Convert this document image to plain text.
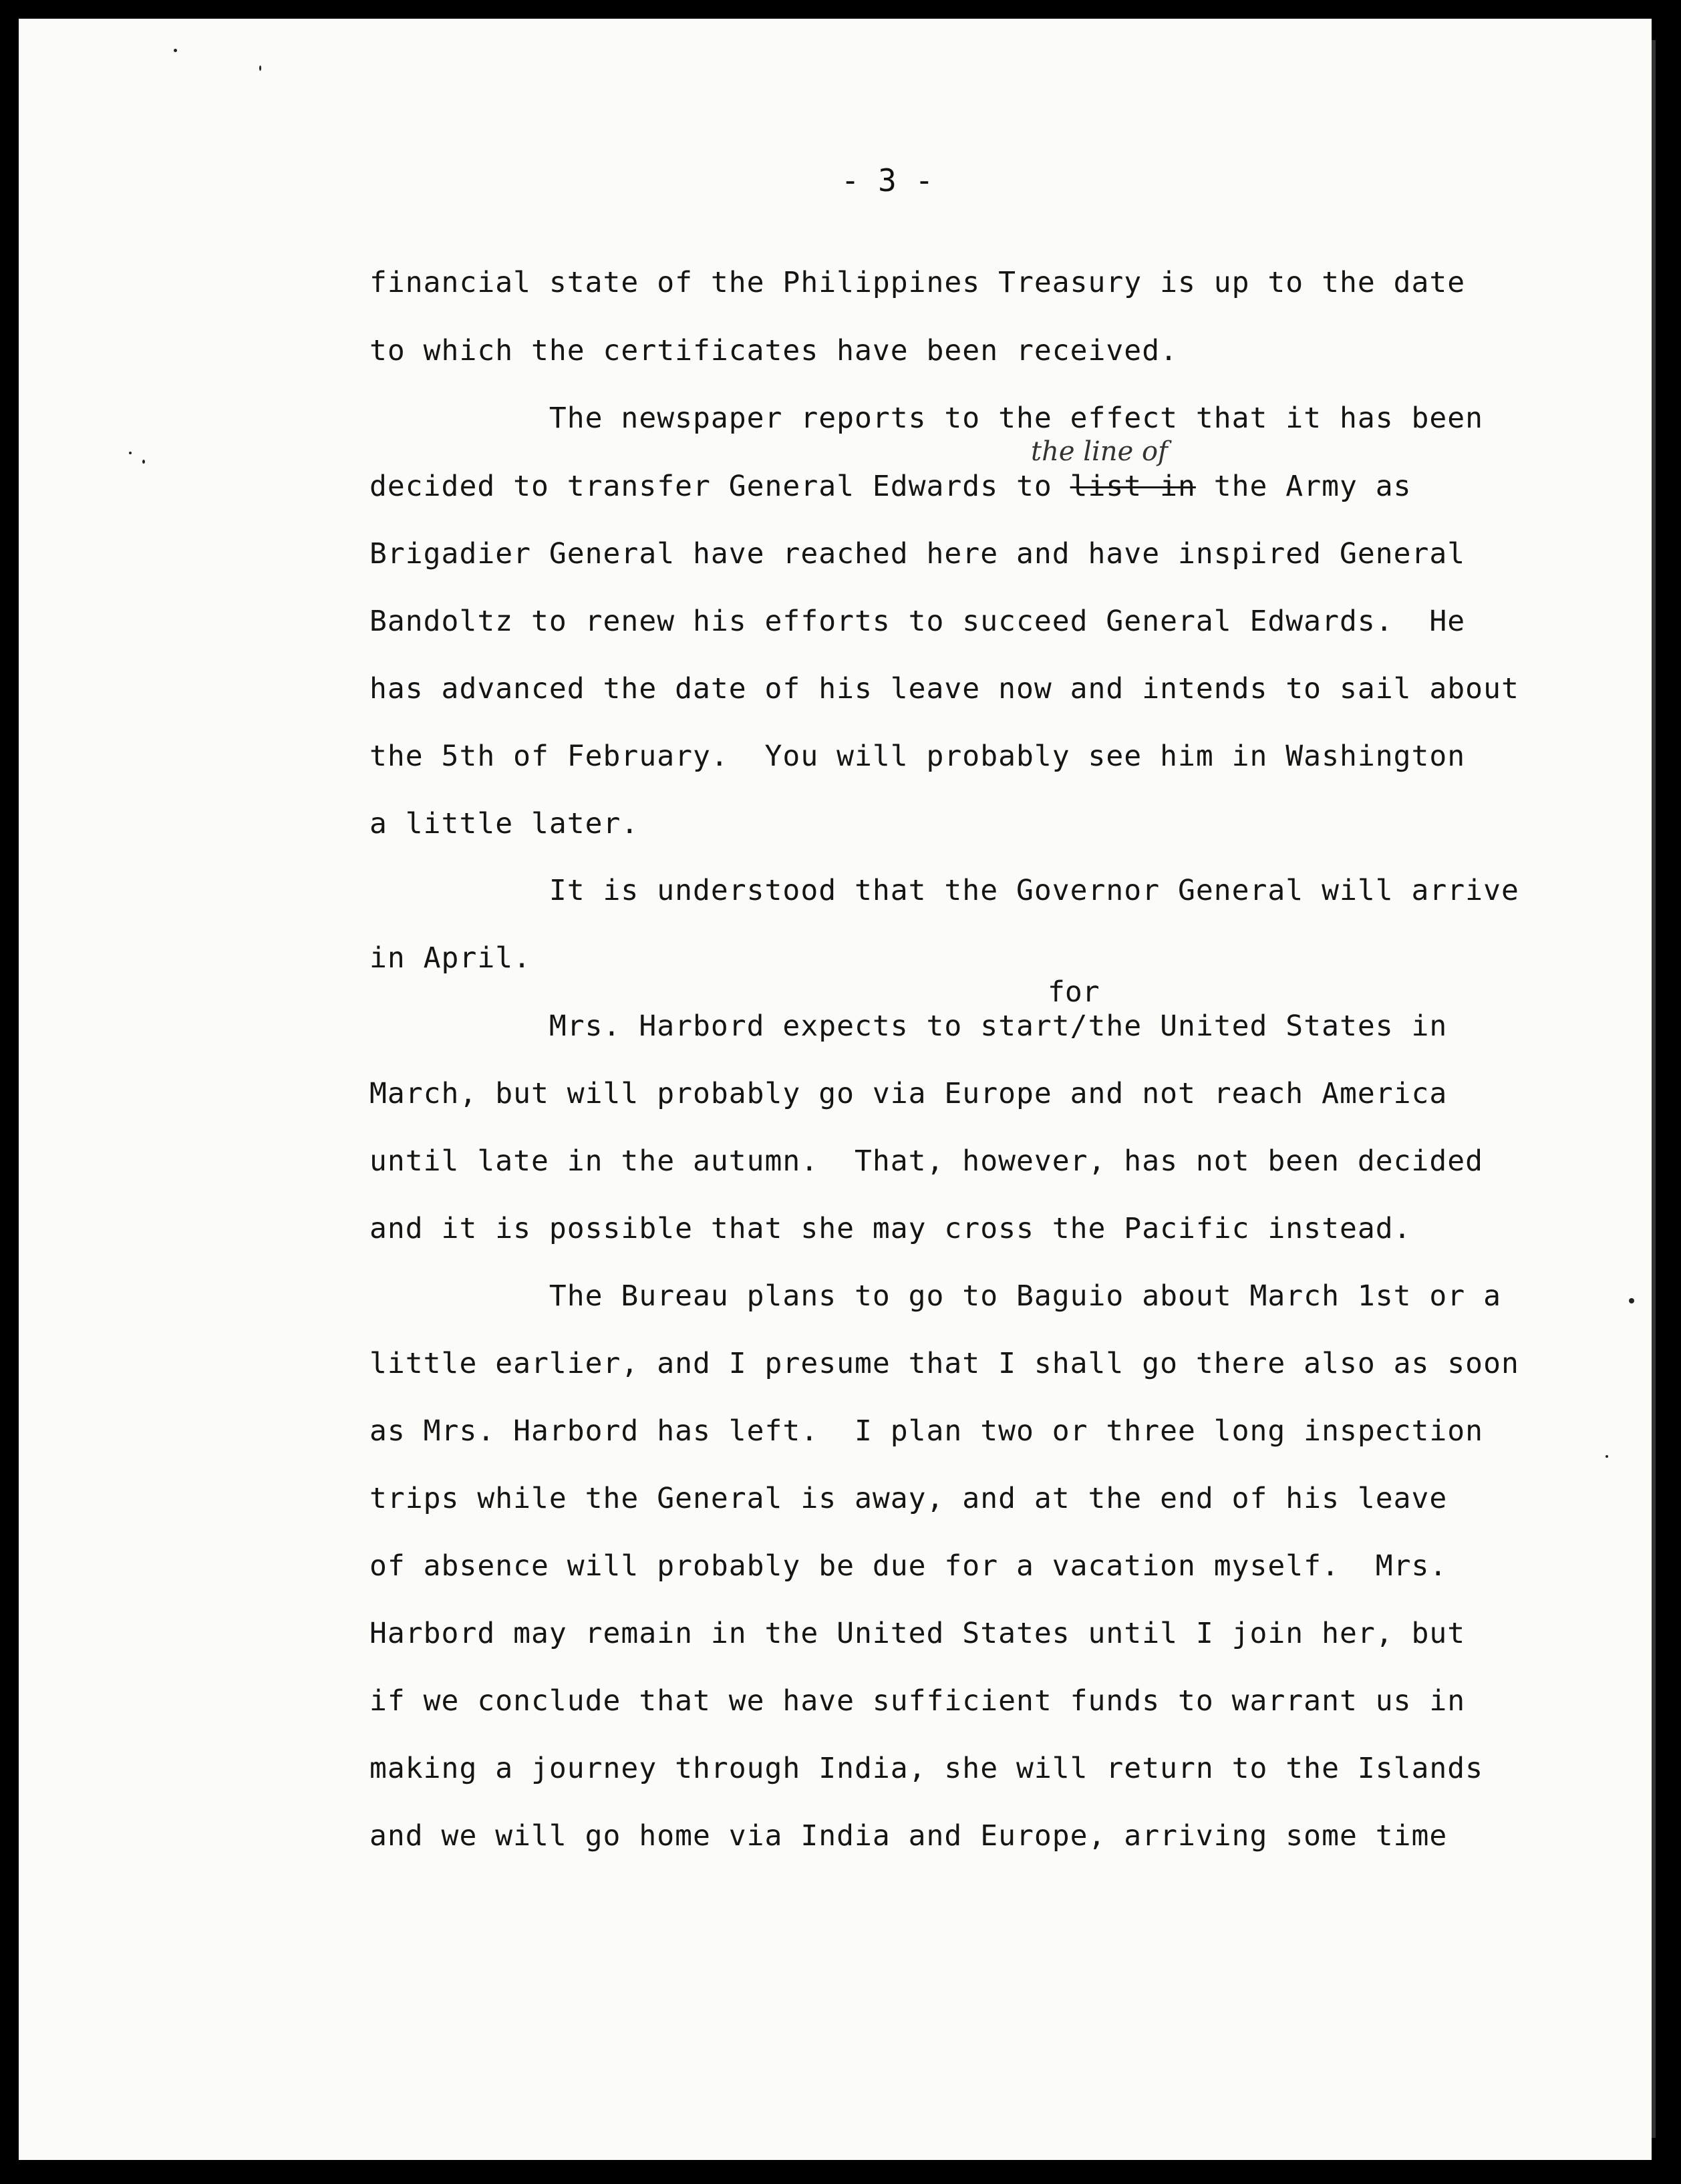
- 3 -
financial state of the Philippines Treasury is up to the date
to which the certificates have been received.
The newspaper reports to the effect that it has been
the line of
decided to transfer General Edwards to list in the Army as
Brigadier General have reached here and have inspired General
Bandoltz to renew his efforts to succeed General Edwards.  He
has advanced the date of his leave now and intends to sail about
the 5th of February.  You will probably see him in Washington
a little later.
It is understood that the Governor General will arrive
in April.
for
Mrs. Harbord expects to start/the United States in
March, but will probably go via Europe and not reach America
until late in the autumn.  That, however, has not been decided
and it is possible that she may cross the Pacific instead.
The Bureau plans to go to Baguio about March 1st or a
little earlier, and I presume that I shall go there also as soon
as Mrs. Harbord has left.  I plan two or three long inspection
trips while the General is away, and at the end of his leave
of absence will probably be due for a vacation myself.  Mrs.
Harbord may remain in the United States until I join her, but
if we conclude that we have sufficient funds to warrant us in
making a journey through India, she will return to the Islands
and we will go home via India and Europe, arriving some time
